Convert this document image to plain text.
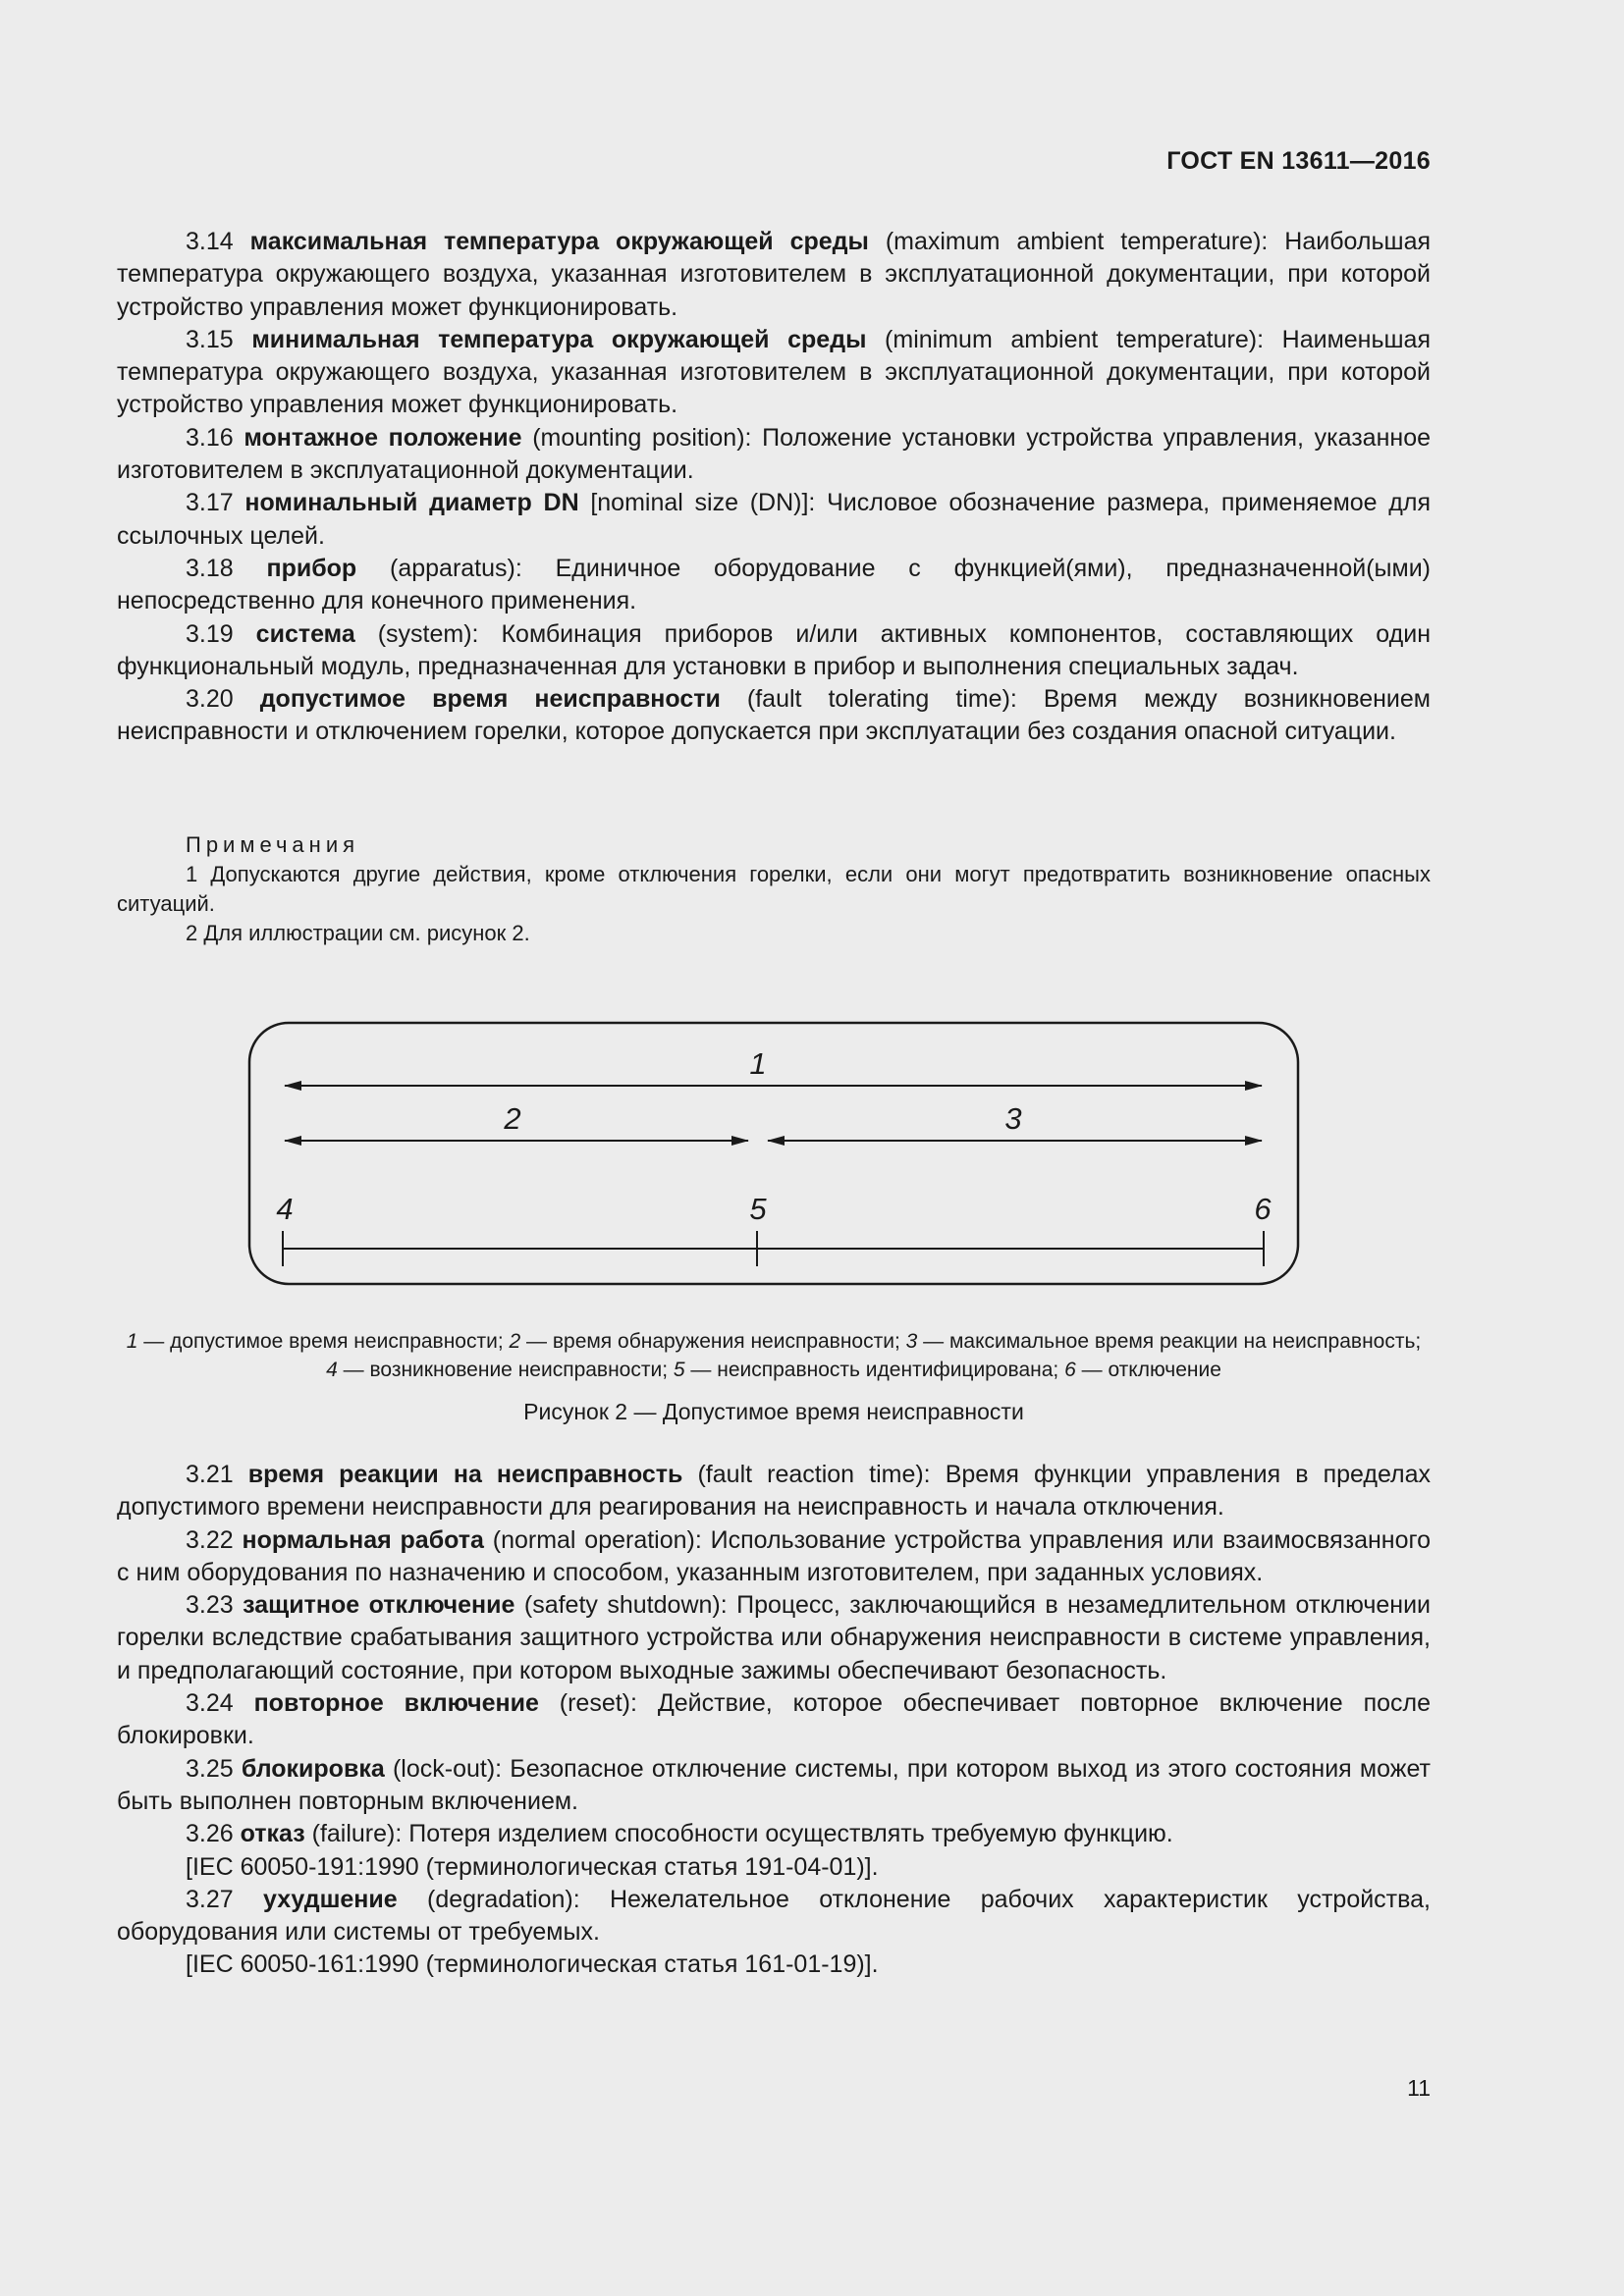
ГОСТ EN 13611—2016

3.14 максимальная температура окружающей среды (maximum ambient temperature): Наибольшая температура окружающего воздуха, указанная изготовителем в эксплуатационной документации, при которой устройство управления может функционировать.

3.15 минимальная температура окружающей среды (minimum ambient temperature): Наименьшая температура окружающего воздуха, указанная изготовителем в эксплуатационной документации, при которой устройство управления может функционировать.

3.16 монтажное положение (mounting position): Положение установки устройства управления, указанное изготовителем в эксплуатационной документации.

3.17 номинальный диаметр DN [nominal size (DN)]: Числовое обозначение размера, применяемое для ссылочных целей.

3.18 прибор (apparatus): Единичное оборудование с функцией(ями), предназначенной(ыми) непосредственно для конечного применения.

3.19 система (system): Комбинация приборов и/или активных компонентов, составляющих один функциональный модуль, предназначенная для установки в прибор и выполнения специальных задач.

3.20 допустимое время неисправности (fault tolerating time): Время между возникновением неисправности и отключением горелки, которое допускается при эксплуатации без создания опасной ситуации.

Примечания

1 Допускаются другие действия, кроме отключения горелки, если они могут предотвратить возникновение опасных ситуаций.

2 Для иллюстрации см. рисунок 2.

1
2	3
4	5	6
1 — допустимое время неисправности; 2 — время обнаружения неисправности; 3 — максимальное время реакции на неисправность;
4 — возникновение неисправности; 5 — неисправность идентифицирована; 6 — отключение
Рисунок 2 — Допустимое время неисправности

3.21 время реакции на неисправность (fault reaction time): Время функции управления в пределах допустимого времени неисправности для реагирования на неисправность и начала отключения.

3.22 нормальная работа (normal operation): Использование устройства управления или взаимосвязанного с ним оборудования по назначению и способом, указанным изготовителем, при заданных условиях.

3.23 защитное отключение (safety shutdown): Процесс, заключающийся в незамедлительном отключении горелки вследствие срабатывания защитного устройства или обнаружения неисправности в системе управления, и предполагающий состояние, при котором выходные зажимы обеспечивают безопасность.

3.24 повторное включение (reset): Действие, которое обеспечивает повторное включение после блокировки.

3.25 блокировка (lock-out): Безопасное отключение системы, при котором выход из этого состояния может быть выполнен повторным включением.

3.26 отказ (failure): Потеря изделием способности осуществлять требуемую функцию.

[IEC 60050-191:1990 (терминологическая статья 191-04-01)].

3.27 ухудшение (degradation): Нежелательное отклонение рабочих характеристик устройства, оборудования или системы от требуемых.

[IEC 60050-161:1990 (терминологическая статья 161-01-19)].

11
